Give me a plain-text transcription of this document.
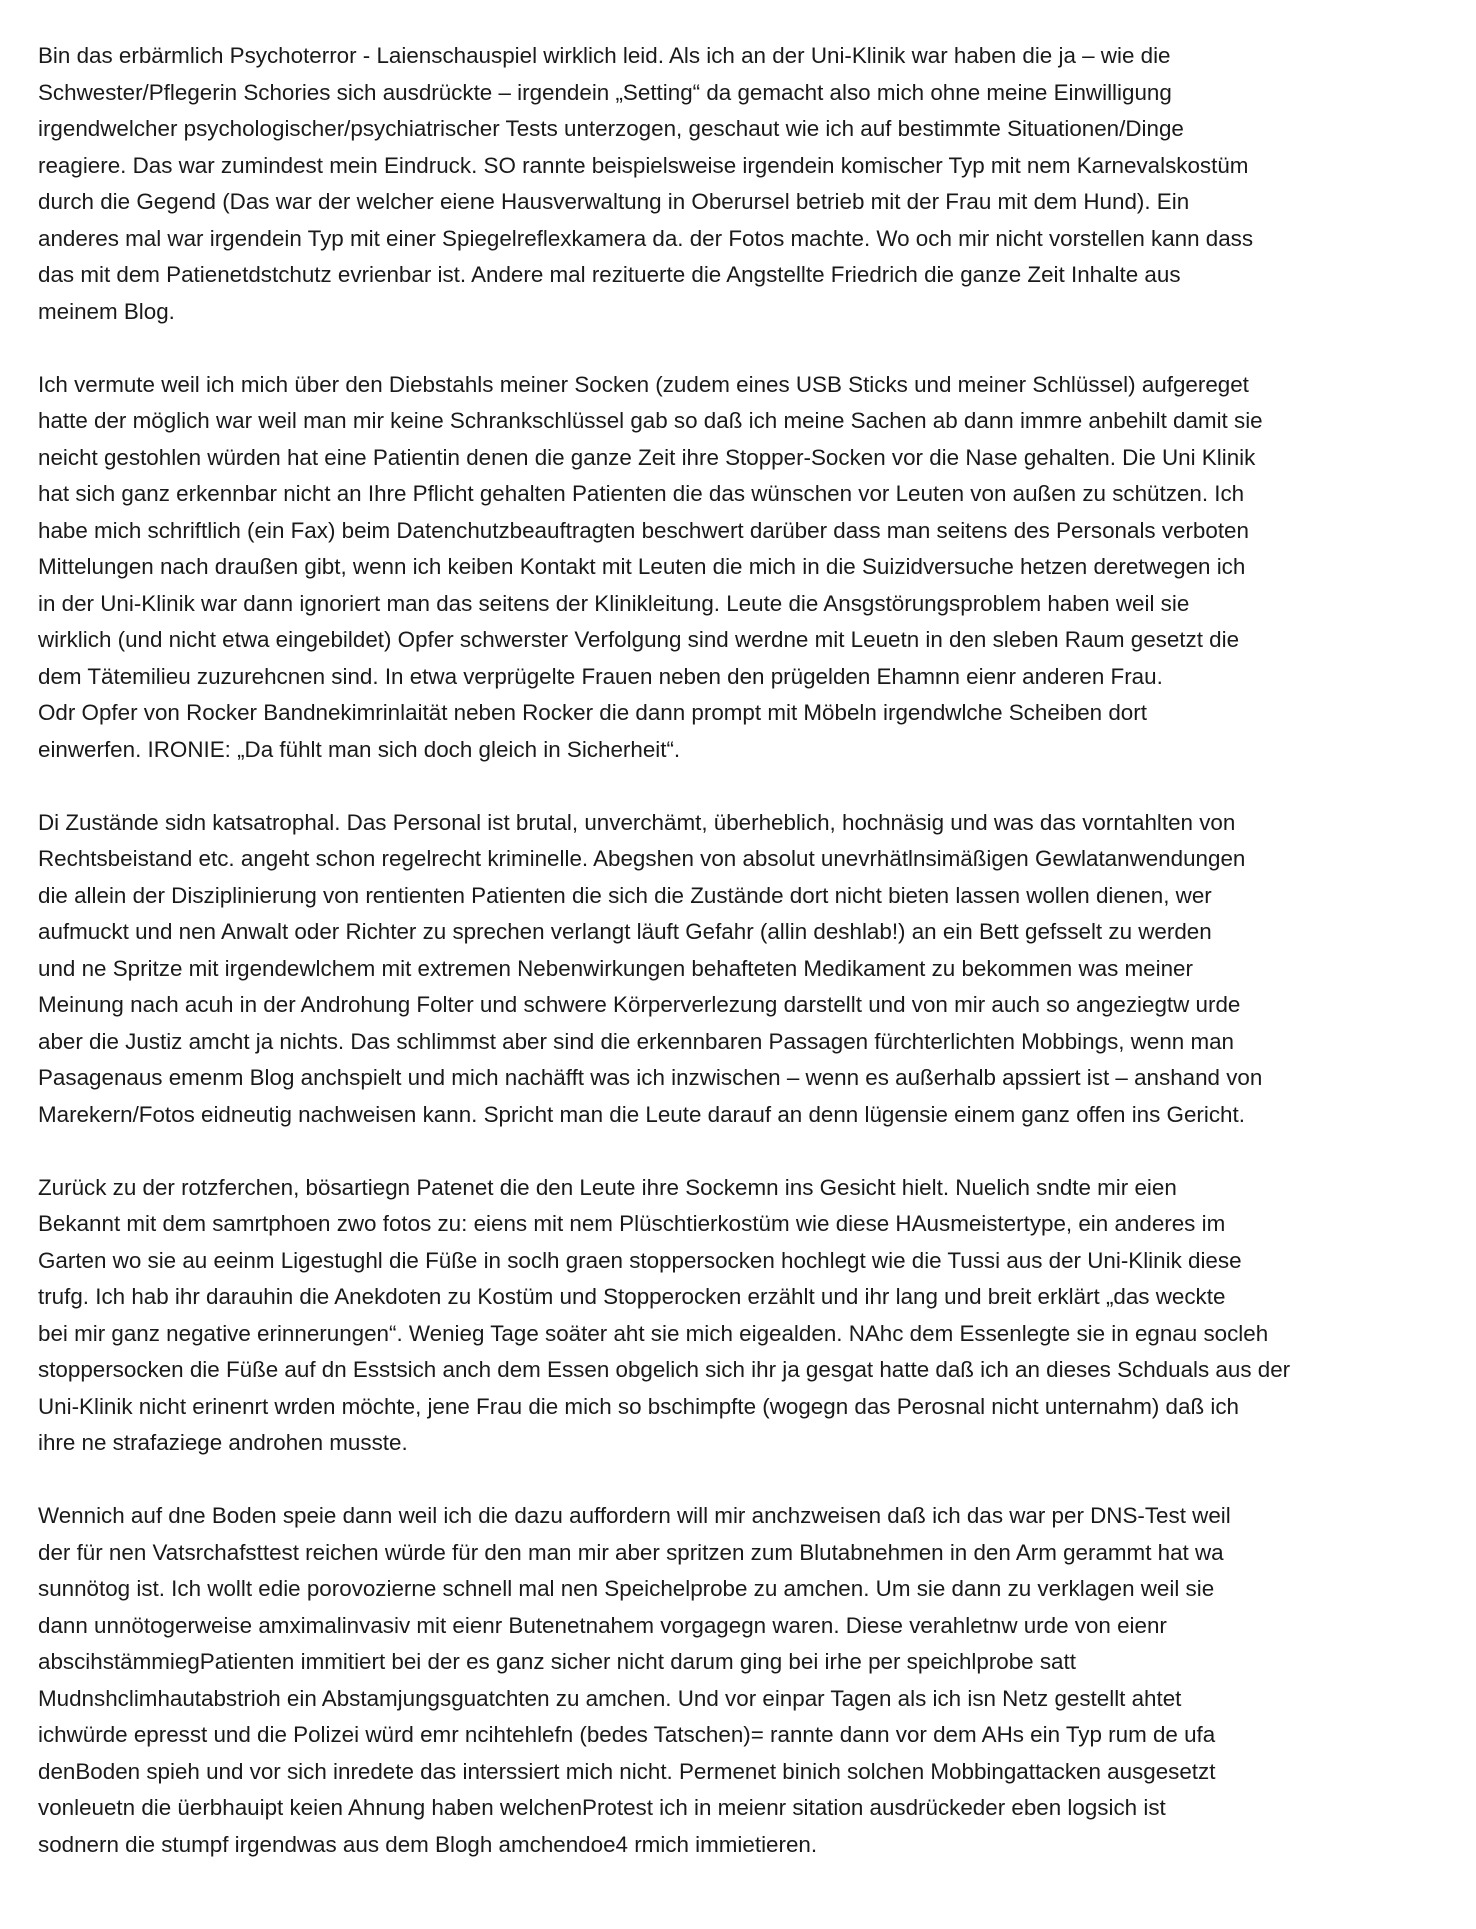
Bin das erbärmlich Psychoterror - Laienschauspiel wirklich leid. Als ich an der Uni-Klinik war haben die ja – wie die
Schwester/Pflegerin Schories sich ausdrückte – irgendein „Setting“ da gemacht also mich ohne meine Einwilligung
irgendwelcher psychologischer/psychiatrischer Tests unterzogen, geschaut wie ich auf bestimmte Situationen/Dinge
reagiere. Das war zumindest mein Eindruck. SO rannte beispielsweise irgendein komischer Typ mit nem Karnevalskostüm
durch die Gegend (Das war der welcher eiene Hausverwaltung in Oberursel betrieb mit der Frau mit dem Hund). Ein
anderes mal war irgendein Typ mit einer Spiegelreflexkamera da. der Fotos machte. Wo och mir nicht vorstellen kann dass
das mit dem Patienetdstchutz evrienbar ist. Andere mal rezituerte die Angstellte Friedrich die ganze Zeit Inhalte aus
meinem Blog.
Ich vermute weil ich mich über den Diebstahls meiner Socken (zudem eines USB Sticks und meiner Schlüssel) aufgereget
hatte der möglich war weil man mir keine Schrankschlüssel gab so daß ich meine Sachen ab dann immre anbehilt damit sie
neicht gestohlen würden hat eine Patientin denen die ganze Zeit ihre Stopper-Socken vor die Nase gehalten. Die Uni Klinik
hat sich ganz erkennbar nicht an Ihre Pflicht gehalten Patienten die das wünschen vor Leuten von außen zu schützen. Ich
habe mich schriftlich (ein Fax) beim Datenchutzbeauftragten beschwert darüber dass man seitens des Personals verboten
Mittelungen nach draußen gibt, wenn ich keiben Kontakt mit Leuten die mich in die Suizidversuche hetzen deretwegen ich
in der Uni-Klinik war dann ignoriert man das seitens der Klinikleitung. Leute die Ansgstörungsproblem haben weil sie
wirklich (und nicht etwa eingebildet) Opfer schwerster Verfolgung sind werdne mit Leuetn in den sleben Raum gesetzt die
dem Tätemilieu zuzurehcnen sind. In etwa verprügelte Frauen neben den prügelden Ehamnn eienr anderen Frau.
Odr Opfer von Rocker Bandnekimrinlaität neben Rocker die dann prompt mit Möbeln irgendwlche Scheiben dort
einwerfen. IRONIE: „Da fühlt man sich doch gleich in Sicherheit“.
Di Zustände sidn katsatrophal. Das Personal ist brutal, unverchämt, überheblich, hochnäsig und was das vorntahlten von
Rechtsbeistand etc. angeht schon regelrecht kriminelle. Abegshen von absolut unevrhätlnsimäßigen Gewlatanwendungen
die allein der Disziplinierung von rentienten Patienten die sich die Zustände dort nicht bieten lassen wollen dienen, wer
aufmuckt und nen Anwalt oder Richter zu sprechen verlangt läuft Gefahr (allin deshlab!) an ein Bett gefsselt zu werden
und ne Spritze mit irgendewlchem mit extremen Nebenwirkungen behafteten Medikament zu bekommen was meiner
Meinung nach acuh in der Androhung Folter und schwere Körperverlezung darstellt und von mir auch so angeziegtw urde
aber die Justiz amcht ja nichts. Das schlimmst aber sind die erkennbaren Passagen fürchterlichten Mobbings, wenn man
Pasagenaus emenm Blog anchspielt und mich nachäfft was ich inzwischen – wenn es außerhalb apssiert ist – anshand von
Marekern/Fotos eidneutig nachweisen kann. Spricht man die Leute darauf an denn lügensie einem ganz offen ins Gericht.
Zurück zu der rotzferchen, bösartiegn Patenet die den Leute ihre Sockemn ins Gesicht hielt. Nuelich sndte mir eien
Bekannt mit dem samrtphoen zwo fotos zu: eiens mit nem Plüschtierkostüm wie diese HAusmeistertype, ein anderes im
Garten wo sie au eeinm Ligestughl die Füße in soclh graen stoppersocken hochlegt wie die Tussi aus der Uni-Klinik diese
trufg. Ich hab ihr darauhin die Anekdoten zu Kostüm und Stopperocken erzählt und ihr lang und breit erklärt „das weckte
bei mir ganz negative erinnerungen“. Wenieg Tage soäter aht sie mich eigealden. NAhc dem Essenlegte sie in egnau socleh
stoppersocken die Füße auf dn Esstsich anch dem Essen obgelich sich ihr ja gesgat hatte daß ich an dieses Schduals aus der
Uni-Klinik nicht erinenrt wrden möchte, jene Frau die mich so bschimpfte (wogegn das Perosnal nicht unternahm) daß ich
ihre ne strafaziege androhen musste.
Wennich auf dne Boden speie dann weil ich die dazu auffordern will mir anchzweisen daß ich das war per DNS-Test weil
der für nen Vatsrchafsttest reichen würde für den man mir aber spritzen zum Blutabnehmen in den Arm gerammt hat wa
sunnötog ist. Ich wollt edie porovozierne schnell mal nen Speichelprobe zu amchen. Um sie dann zu verklagen weil sie
dann unnötogerweise amximalinvasiv mit eienr Butenetnahem vorgagegn waren. Diese verahletnw urde von eienr
abscihstämmiegPatienten immitiert bei der es ganz sicher nicht darum ging bei irhe per speichlprobe satt
Mudnshclimhautabstrioh ein Abstamjungsguatchten zu amchen. Und vor einpar Tagen als ich isn Netz gestellt ahtet
ichwürde epresst und die Polizei würd emr ncihtehlefn (bedes Tatschen)= rannte dann vor dem AHs ein Typ rum de ufa
denBoden spieh und vor sich inredete das interssiert mich nicht. Permenet binich solchen Mobbingattacken ausgesetzt
vonleuetn die üerbhauipt keien Ahnung haben welchenProtest ich in meienr sitation ausdrückeder eben logsich ist
sodnern die stumpf irgendwas aus dem Blogh amchendoe4 rmich immietieren.
